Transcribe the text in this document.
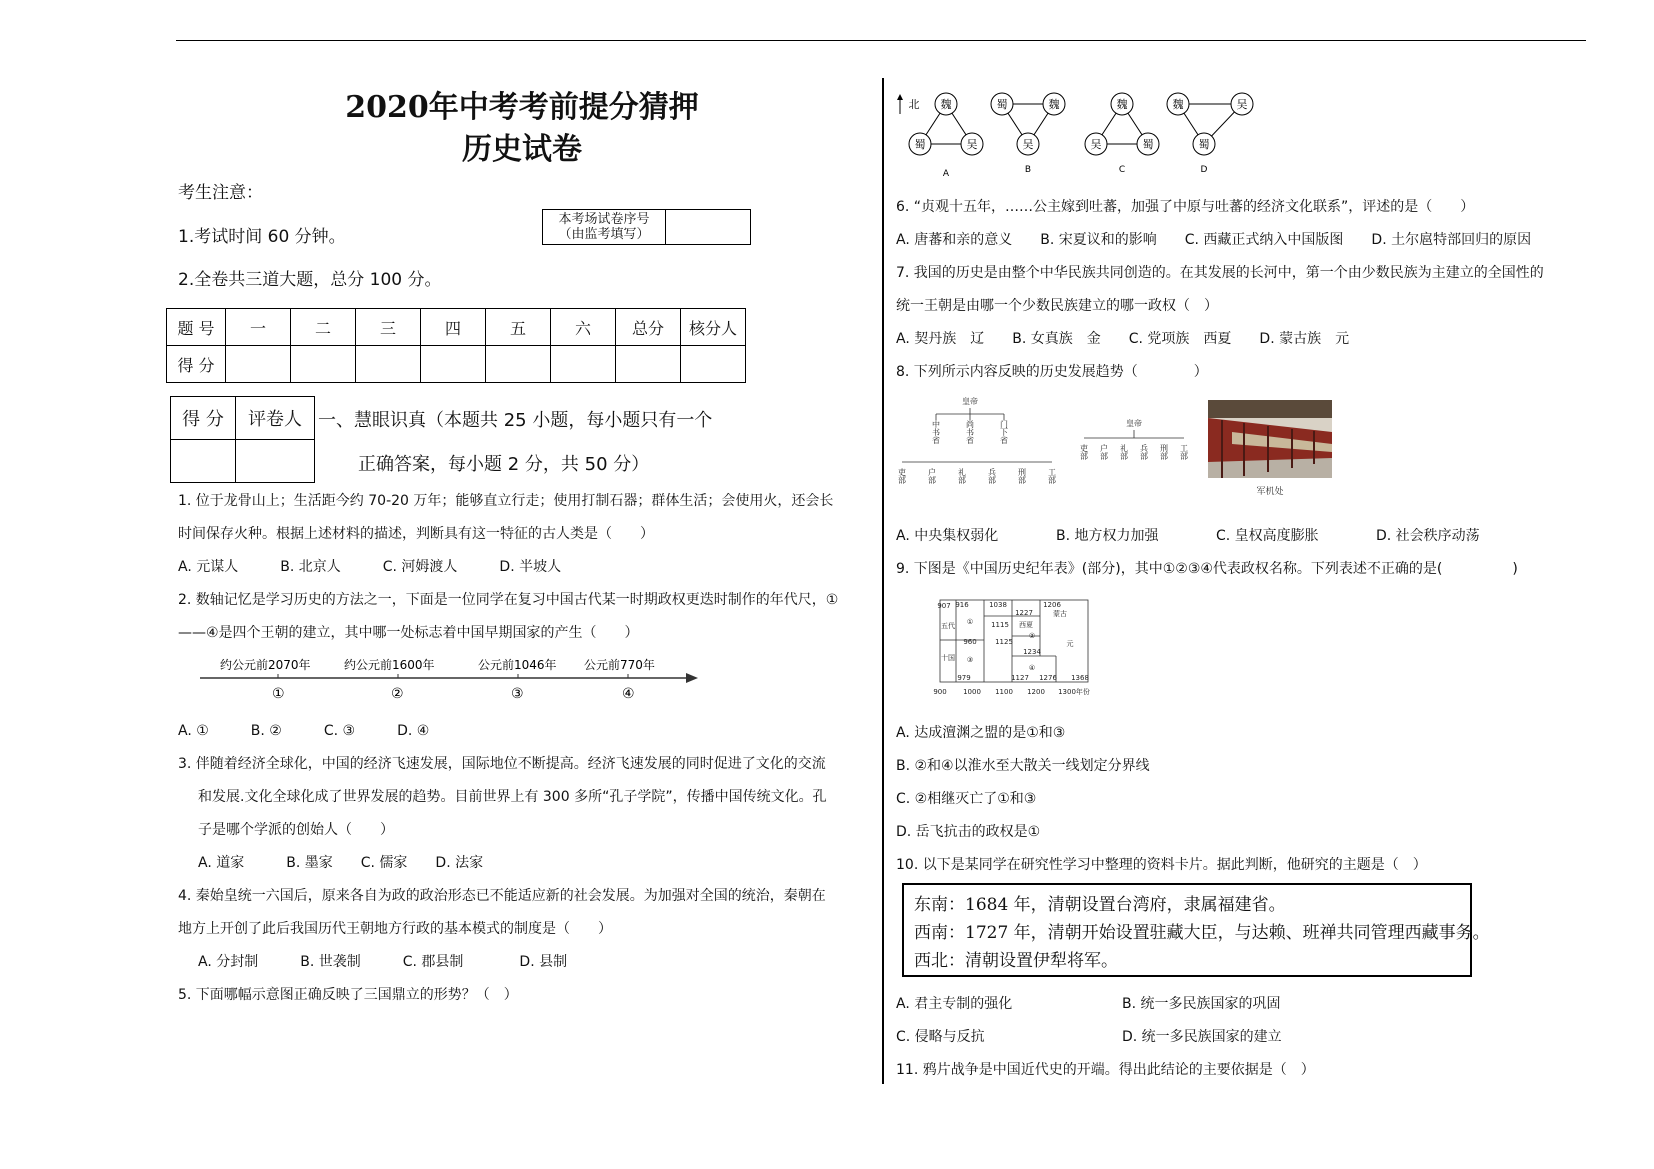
2020年中考考前提分猜押
历史试卷
考生注意：
1.考试时间 60 分钟。
2.全卷共三道大题，总分 100 分。
本考场试卷序号
（由监考填写）

题 号	一	二	三	四	五	六	总分	核分人
得 分								
得 分	评卷人
	一、慧眼识真（本题共 25 小题，每小题只有一个
正确答案，每小题 2 分，共 50 分）
1. 位于龙骨山上；生活距今约 70-20 万年；能够直立行走；使用打制石器；群体生活；会使用火，还会长
时间保存火种。根据上述材料的描述，判断具有这一特征的古人类是（　　）
A. 元谋人　　　B. 北京人　　　C. 河姆渡人　　　D. 半坡人
2. 数轴记忆是学习历史的方法之一，下面是一位同学在复习中国古代某一时期政权更迭时制作的年代尺，①
——④是四个王朝的建立，其中哪一处标志着中国早期国家的产生（　　）
约公元前2070年	约公元前1600年	公元前1046年 公元前770年
①	②	③	④
A. ①　　　B. ②　　　C. ③　　　D. ④
3. 伴随着经济全球化，中国的经济飞速发展，国际地位不断提高。经济飞速发展的同时促进了文化的交流
和发展.文化全球化成了世界发展的趋势。目前世界上有 300 多所“孔子学院”，传播中国传统文化。孔
子是哪个学派的创始人（　　）
A. 道家　　　B. 墨家　　C. 儒家　　D. 法家
4. 秦始皇统一六国后，原来各自为政的政治形态已不能适应新的社会发展。为加强对全国的统治，秦朝在
地方上开创了此后我国历代王朝地方行政的基本模式的制度是（　　）
A. 分封制　　　B. 世袭制　　　C. 郡县制　　　　D. 县制
5. 下面哪幅示意图正确反映了三国鼎立的形势？（　）
北 魏
蜀	吴
A
蜀	魏
吴
B
魏
吴	蜀
C
魏	吴
蜀
D
6. “贞观十五年，……公主嫁到吐蕃，加强了中原与吐蕃的经济文化联系”，评述的是（　　）
A. 唐蕃和亲的意义　　B. 宋夏议和的影响　　C. 西藏正式纳入中国版图　　D. 土尔扈特部回归的原因
7. 我国的历史是由整个中华民族共同创造的。在其发展的长河中，第一个由少数民族为主建立的全国性的
统一王朝是由哪一个少数民族建立的哪一政权（　）
A. 契丹族　辽　　B. 女真族　金　　C. 党项族　西夏　　D. 蒙古族　元
8. 下列所示内容反映的历史发展趋势（　　　　）
皇帝
中书省	尚书省	门下省
吏部	户部	礼部	兵部	刑部	工部
皇帝
吏部 户部 礼部 兵部 刑部 工部
军机处
A. 中央集权弱化	B. 地方权力加强	C. 皇权高度膨胀	D. 社会秩序动荡
9. 下图是《中国历史纪年表》(部分)，其中①②③④代表政权名称。下列表述不正确的是(　　　　　)
916	1038	1206
907
1115
1227
960	1125
1234
979	1127 1276 1368
西夏
蒙古
元
五代
十国
①
②
③
④
900 1000 1100 1200 1300年份
A. 达成澶渊之盟的是①和③
B. ②和④以淮水至大散关一线划定分界线
C. ②相继灭亡了①和③
D. 岳飞抗击的政权是①
10. 以下是某同学在研究性学习中整理的资料卡片。据此判断，他研究的主题是（　）
东南：1684 年，清朝设置台湾府，隶属福建省。
西南：1727 年，清朝开始设置驻藏大臣，与达赖、班禅共同管理西藏事务。
西北：清朝设置伊犁将军。
A. 君主专制的强化	B. 统一多民族国家的巩固
C. 侵略与反抗	D. 统一多民族国家的建立
11. 鸦片战争是中国近代史的开端。得出此结论的主要依据是（　）
